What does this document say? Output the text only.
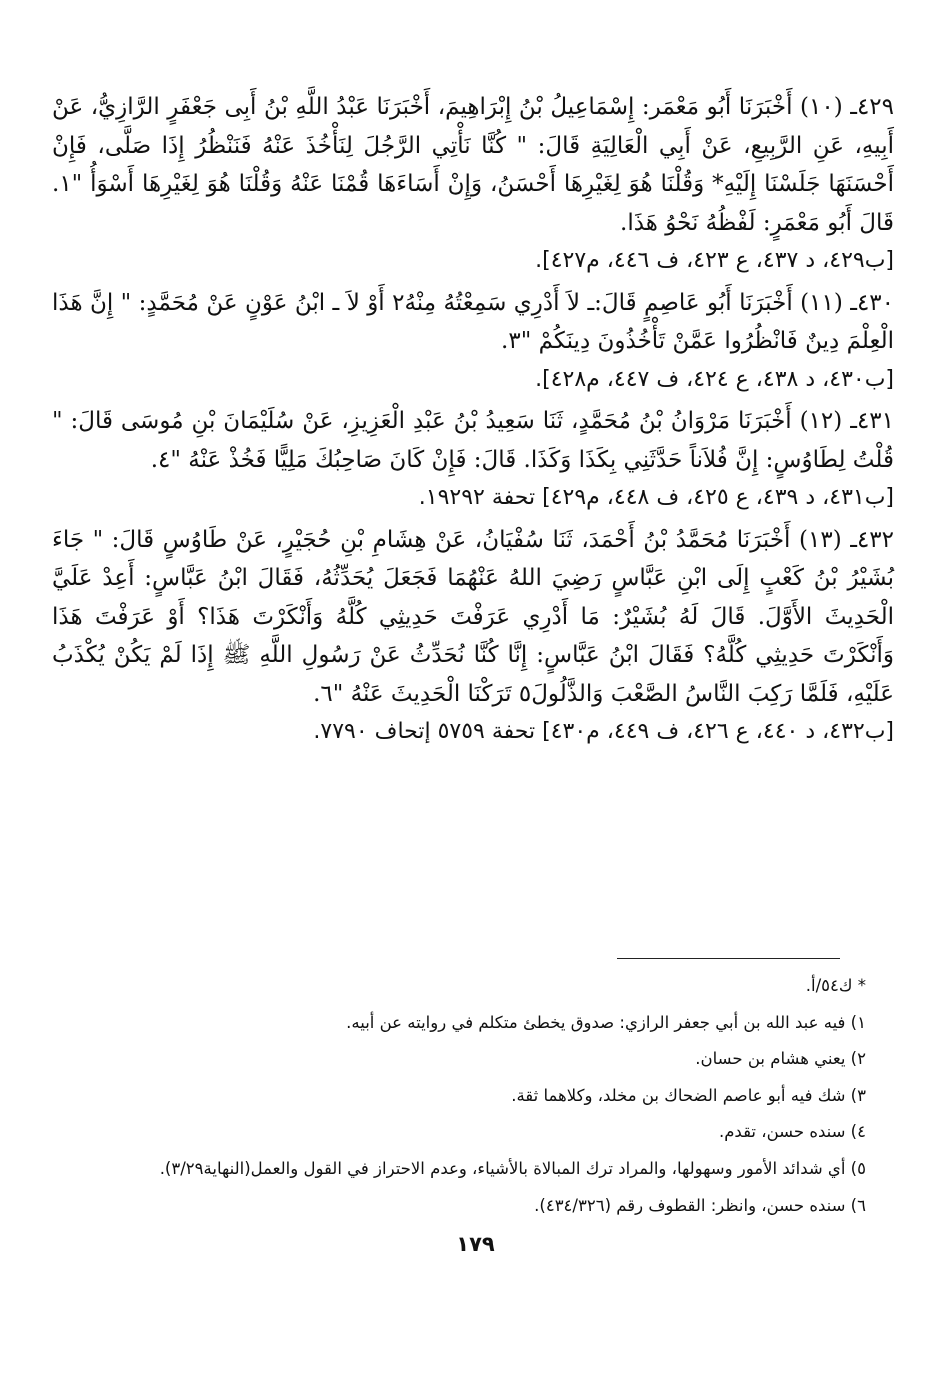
٤٢٩ـ (١٠) أَخْبَرَنَا أَبُو مَعْمَر: إِسْمَاعِيلُ بْنُ إِبْرَاهِيمَ، أَخْبَرَنَا عَبْدُ اللَّهِ بْنُ أَبِى جَعْفَرٍ الرَّازِيُّ، عَنْ أَبِيهِ، عَنِ الرَّبِيعِ، عَنْ أَبِي الْعَالِيَةِ قَالَ: " كُنَّا نَأْتِي الرَّجُلَ لِنَأْخُذَ عَنْهُ فَنَنْظُرُ إِذَا صَلَّى، فَإِنْ أَحْسَنَهَا جَلَسْنَا إِلَيْهِ* وَقُلْنَا هُوَ لِغَيْرِهَا أَحْسَنُ، وَإِنْ أَسَاءَهَا قُمْنَا عَنْهُ وَقُلْنَا هُوَ لِغَيْرِهَا أَسْوَأُ "١. قَالَ أَبُو مَعْمَرٍ: لَفْظُهُ نَحْوُ هَذَا.

[ب٤٢٩، د ٤٣٧، ع ٤٢٣، ف ٤٤٦، م٤٢٧].

٤٣٠ـ (١١) أَخْبَرَنَا أَبُو عَاصِمٍ قَالَ:ـ لاَ أَدْرِي سَمِعْتُهُ مِنْهُ٢ أَوْ لاَ ـ ابْنُ عَوْنٍ عَنْ مُحَمَّدٍ: " إِنَّ هَذَا الْعِلْمَ دِينٌ فَانْظُرُوا عَمَّنْ تَأْخُذُونَ دِينَكُمْ "٣.

[ب٤٣٠، د ٤٣٨، ع ٤٢٤، ف ٤٤٧، م٤٢٨].

٤٣١ـ (١٢) أَخْبَرَنَا مَرْوَانُ بْنُ مُحَمَّدٍ، ثَنَا سَعِيدُ بْنُ عَبْدِ الْعَزِيزِ، عَنْ سُلَيْمَانَ بْنِ مُوسَى قَالَ: " قُلْتُ لِطَاوُسٍ: إِنَّ فُلاَناً حَدَّثَنِي بِكَذَا وَكَذَا. قَالَ: فَإِنْ كَانَ صَاحِبُكَ مَلِيًّا فَخُذْ عَنْهُ "٤.

[ب٤٣١، د ٤٣٩، ع ٤٢٥، ف ٤٤٨، م٤٢٩] تحفة ١٩٢٩٢.

٤٣٢ـ (١٣) أَخْبَرَنَا مُحَمَّدُ بْنُ أَحْمَدَ، ثَنَا سُفْيَانُ، عَنْ هِشَامِ بْنِ حُجَيْرٍ، عَنْ طَاوُسٍ قَالَ: " جَاءَ بُشَيْرُ بْنُ كَعْبٍ إِلَى ابْنِ عَبَّاسٍ رَضِيَ اللهُ عَنْهُمَا فَجَعَلَ يُحَدِّثُهُ، فَقَالَ ابْنُ عَبَّاسٍ: أَعِدْ عَلَيَّ الْحَدِيثَ الأَوَّلَ. قَالَ لَهُ بُشَيْرٌ: مَا أَدْرِي عَرَفْتَ حَدِيثِي كُلَّهُ وَأَنْكَرْتَ هَذَا؟ أَوْ عَرَفْتَ هَذَا وَأَنْكَرْتَ حَدِيثِي كُلَّهُ؟ فَقَالَ ابْنُ عَبَّاسٍ: إِنَّا كُنَّا نُحَدِّثُ عَنْ رَسُولِ اللَّهِ ﷺ إِذَا لَمْ يَكُنْ يُكْذَبُ عَلَيْهِ، فَلَمَّا رَكِبَ النَّاسُ الصَّعْبَ وَالذَّلُولَ٥ تَرَكْنَا الْحَدِيثَ عَنْهُ "٦.

[ب٤٣٢، د ٤٤٠، ع ٤٢٦، ف ٤٤٩، م٤٣٠] تحفة ٥٧٥٩ إتحاف ٧٧٩٠.

* ك٥٤/أ.

١) فيه عبد الله بن أبي جعفر الرازي: صدوق يخطئ متكلم في روايته عن أبيه.

٢) يعني هشام بن حسان.

٣) شك فيه أبو عاصم الضحاك بن مخلد، وكلاهما ثقة.

٤) سنده حسن، تقدم.

٥) أي شدائد الأمور وسهولها، والمراد ترك المبالاة بالأشياء، وعدم الاحتراز في القول والعمل(النهاية٣/٢٩).

٦) سنده حسن، وانظر: القطوف رقم (٤٣٤/٣٢٦).

١٧٩
